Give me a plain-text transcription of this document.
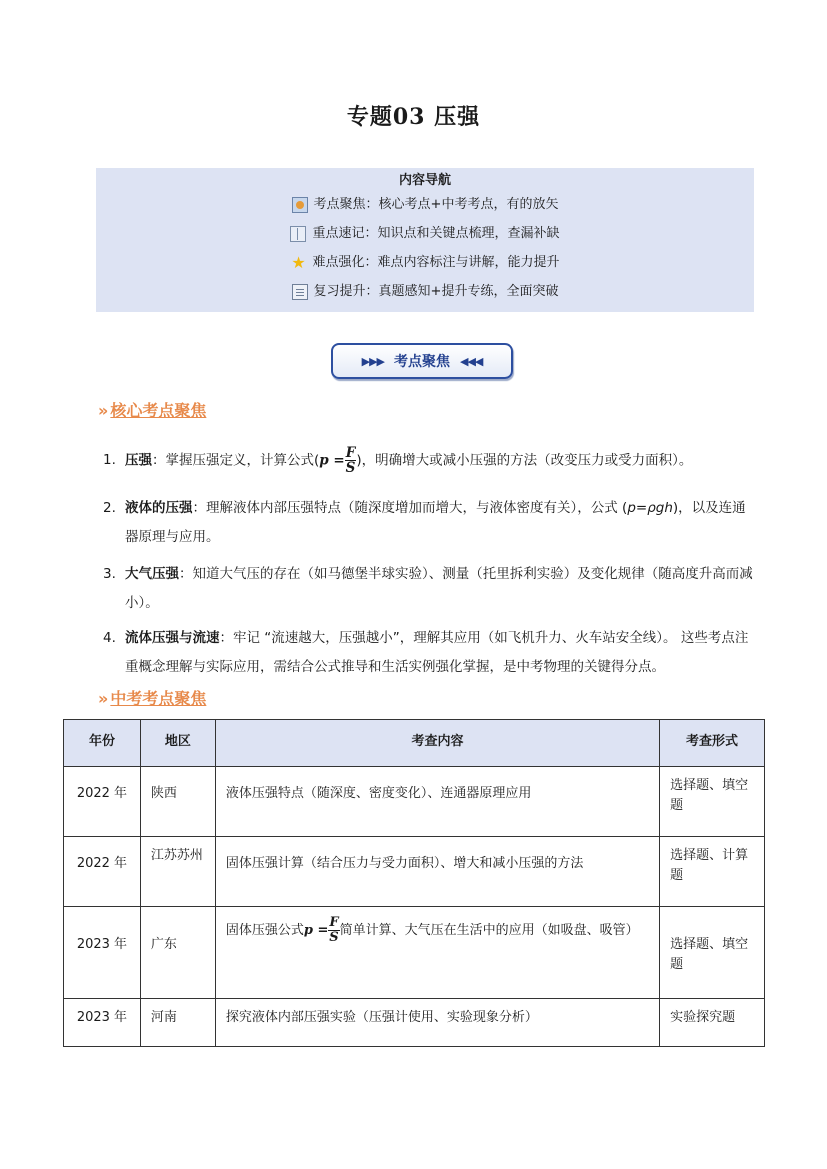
专题03 压强
内容导航
考点聚焦：核心考点+中考考点，有的放矢
重点速记：知识点和关键点梳理，查漏补缺
★ 难点强化：难点内容标注与讲解，能力提升
复习提升：真题感知+提升专练，全面突破
▶▶▶ 考点聚焦 ◀◀◀
» 核心考点聚焦
1. 压强：掌握压强定义，计算公式($p = \frac{F}{S}$ )，明确增大或减小压强的方法（改变压力或受力面积）。
2. 液体的压强：理解液体内部压强特点（随深度增加而增大，与液体密度有关），公式 (p=ρgh)，以及连通器原理与应用。
3. 大气压强：知道大气压的存在（如马德堡半球实验）、测量（托里拆利实验）及变化规律（随高度升高而减小）。
4. 流体压强与流速：牢记 “流速越大，压强越小”，理解其应用（如飞机升力、火车站安全线）。 这些考点注重概念理解与实际应用，需结合公式推导和生活实例强化掌握，是中考物理的关键得分点。
» 中考考点聚焦
年份	地区	考查内容	考查形式
2022 年	陕西	液体压强特点（随深度、密度变化）、连通器原理应用	选择题、填空题
2022 年	江苏苏州	固体压强计算（结合压力与受力面积）、增大和减小压强的方法	选择题、计算题
2023 年	广东	固体压强公式$p = \frac{F}{S}$ 简单计算、大气压在生活中的应用（如吸盘、吸管）	选择题、填空题
2023 年	河南	探究液体内部压强实验（压强计使用、实验现象分析）	实验探究题
